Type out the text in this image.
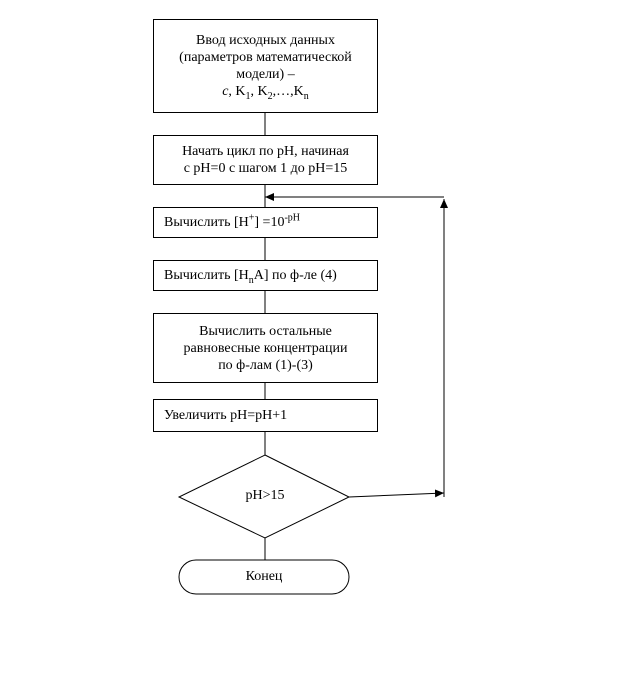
Ввод исходных данных
(параметров математической
модели) –
c, $K_1$, $K_2,\dots,K_n$
Начать цикл по pH, начиная
с pH=0 с шагом 1 до pH=15
Вычислить $[H^+] =10^{-pH}$
Вычислить $[H_nA]$ по ф-ле (4)
Вычислить остальные
равновесные концентрации
по ф-лам (1)-(3)
Увеличить pH=pH+1
pH>15
Конец
